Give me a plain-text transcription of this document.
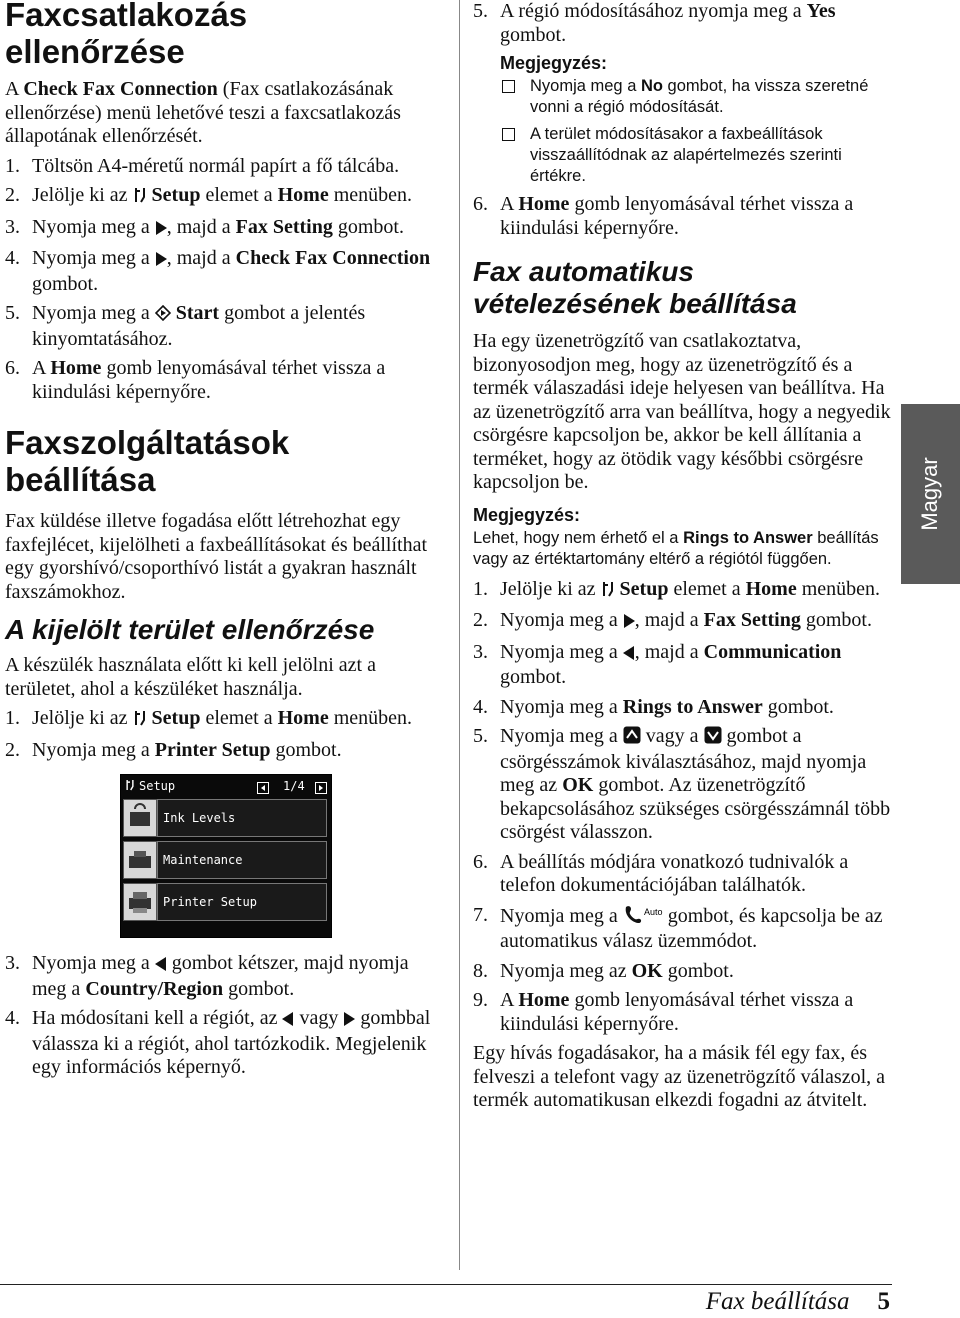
Faxcsatlakozás
ellenőrzése

A Check Fax Connection (Fax csatlakozásának ellenőrzése) menü lehetővé teszi a faxcsatlakozás állapotának ellenőrzését.

1. Töltsön A4-méretű normál papírt a fő tálcába.
2. Jelölje ki az  Setup elemet a Home menüben.
3. Nyomja meg a , majd a Fax Setting gombot.
4. Nyomja meg a , majd a Check Fax Connection gombot.
5. Nyomja meg a  Start gombot a jelentés kinyomtatásához.
6. A Home gomb lenyomásával térhet vissza a kiindulási képernyőre.
Faxszolgáltatások
beállítása

Fax küldése illetve fogadása előtt létrehozhat egy faxfejlécet, kijelölheti a faxbeállításokat és beállíthat egy gyorshívó/csoporthívó listát a gyakran használt faxszámokhoz.

A kijelölt terület ellenőrzése

A készülék használata előtt ki kell jelölni azt a területet, ahol a készüléket használja.

1. Jelölje ki az  Setup elemet a Home menüben.
2. Nyomja meg a Printer Setup gombot.
Setup	1/4
Ink Levels
Maintenance
Printer Setup
3. Nyomja meg a  gombot kétszer, majd nyomja meg a Country/Region gombot.
4. Ha módosítani kell a régiót, az  vagy  gombbal válassza ki a régiót, ahol tartózkodik. Megjelenik egy információs képernyő.
5. A régió módosításához nyomja meg a Yes gombot.

Megjegyzés:

Nyomja meg a No gombot, ha vissza szeretné vonni a régió módosítását.

A terület módosításakor a faxbeállítások visszaállítódnak az alapértelmezés szerinti értékre.

6. A Home gomb lenyomásával térhet vissza a kiindulási képernyőre.
Fax automatikus
vételezésének beállítása

Ha egy üzenetrögzítő van csatlakoztatva, bizonyosodjon meg, hogy az üzenetrögzítő és a termék válaszadási ideje helyesen van beállítva. Ha az üzenetrögzítő arra van beállítva, hogy a negyedik csörgésre kapcsoljon be, akkor be kell állítania a terméket, hogy az ötödik vagy későbbi csörgésre kapcsoljon be.

Megjegyzés:

Lehet, hogy nem érhető el a Rings to Answer beállítás vagy az értéktartomány eltérő a régiótól függően.

1. Jelölje ki az  Setup elemet a Home menüben.
2. Nyomja meg a , majd a Fax Setting gombot.
3. Nyomja meg a , majd a Communication gombot.
4. Nyomja meg a Rings to Answer gombot.
5. Nyomja meg a  vagy a  gombot a csörgésszámok kiválasztásához, majd nyomja meg az OK gombot. Az üzenetrögzítő bekapcsolásához szükséges csörgésszámnál több csörgést válasszon.
6. A beállítás módjára vonatkozó tudnivalók a telefon dokumentációjában találhatók.
7. Nyomja meg a Auto gombot, és kapcsolja be az automatikus válasz üzemmódot.
8. Nyomja meg az OK gombot.
9. A Home gomb lenyomásával térhet vissza a kiindulási képernyőre.

Egy hívás fogadásakor, ha a másik fél egy fax, és felveszi a telefont vagy az üzenetrögzítő válaszol, a termék automatikusan elkezdi fogadni az átvitelt.

Magyar
Fax beállítása 5
